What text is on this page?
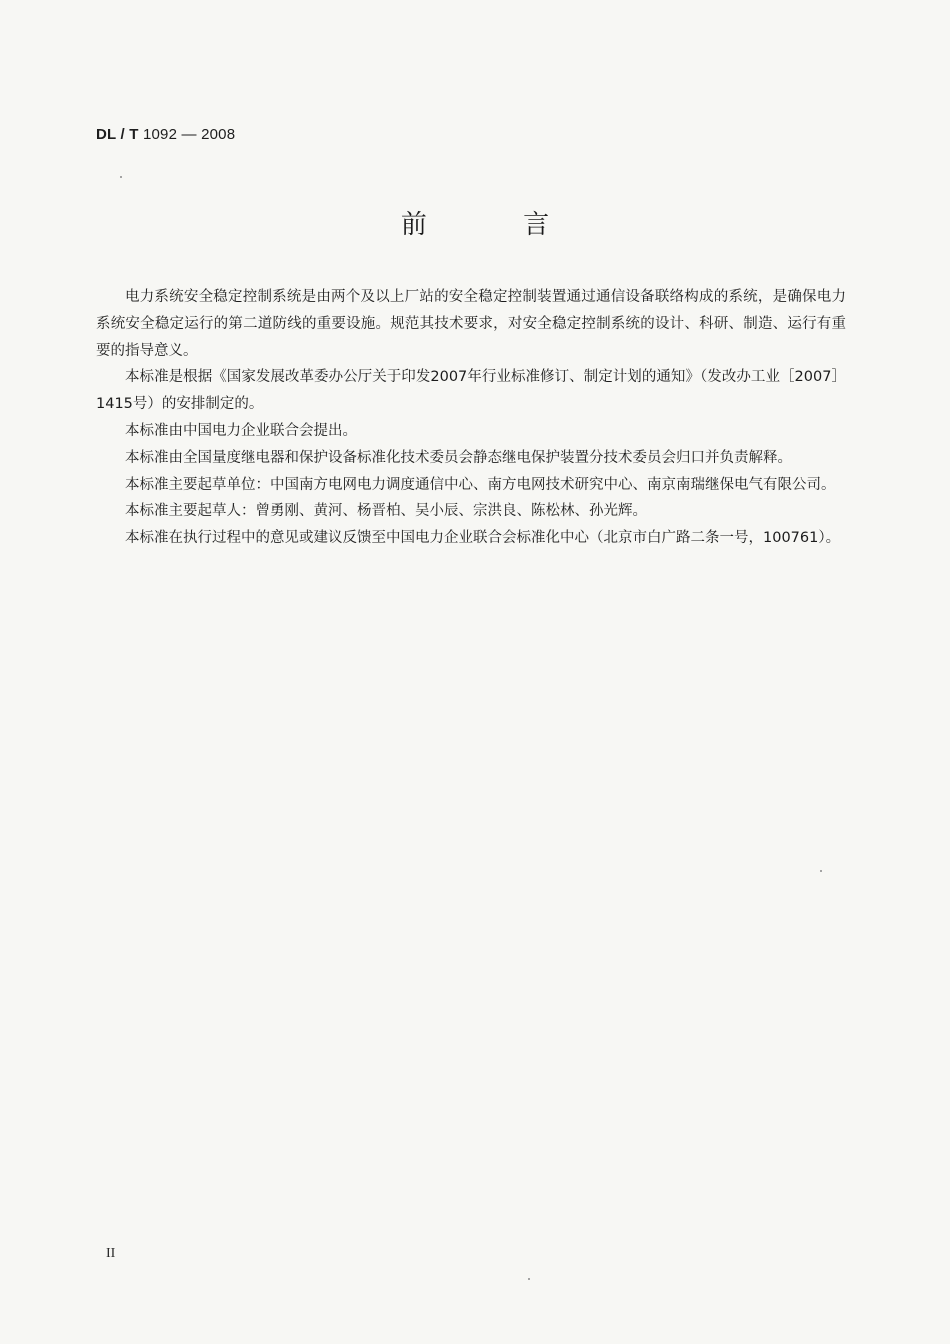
DL / T 1092 — 2008
前 言

电力系统安全稳定控制系统是由两个及以上厂站的安全稳定控制装置通过通信设备联络构成的系统，是确保电力系统安全稳定运行的第二道防线的重要设施。规范其技术要求，对安全稳定控制系统的设计、科研、制造、运行有重要的指导意义。

本标准是根据《国家发展改革委办公厅关于印发2007年行业标准修订、制定计划的通知》（发改办工业［2007］1415号）的安排制定的。

本标准由中国电力企业联合会提出。

本标准由全国量度继电器和保护设备标准化技术委员会静态继电保护装置分技术委员会归口并负责解释。

本标准主要起草单位：中国南方电网电力调度通信中心、南方电网技术研究中心、南京南瑞继保电气有限公司。

本标准主要起草人：曾勇刚、黄河、杨晋柏、吴小辰、宗洪良、陈松林、孙光辉。

本标准在执行过程中的意见或建议反馈至中国电力企业联合会标准化中心（北京市白广路二条一号，100761）。

II
